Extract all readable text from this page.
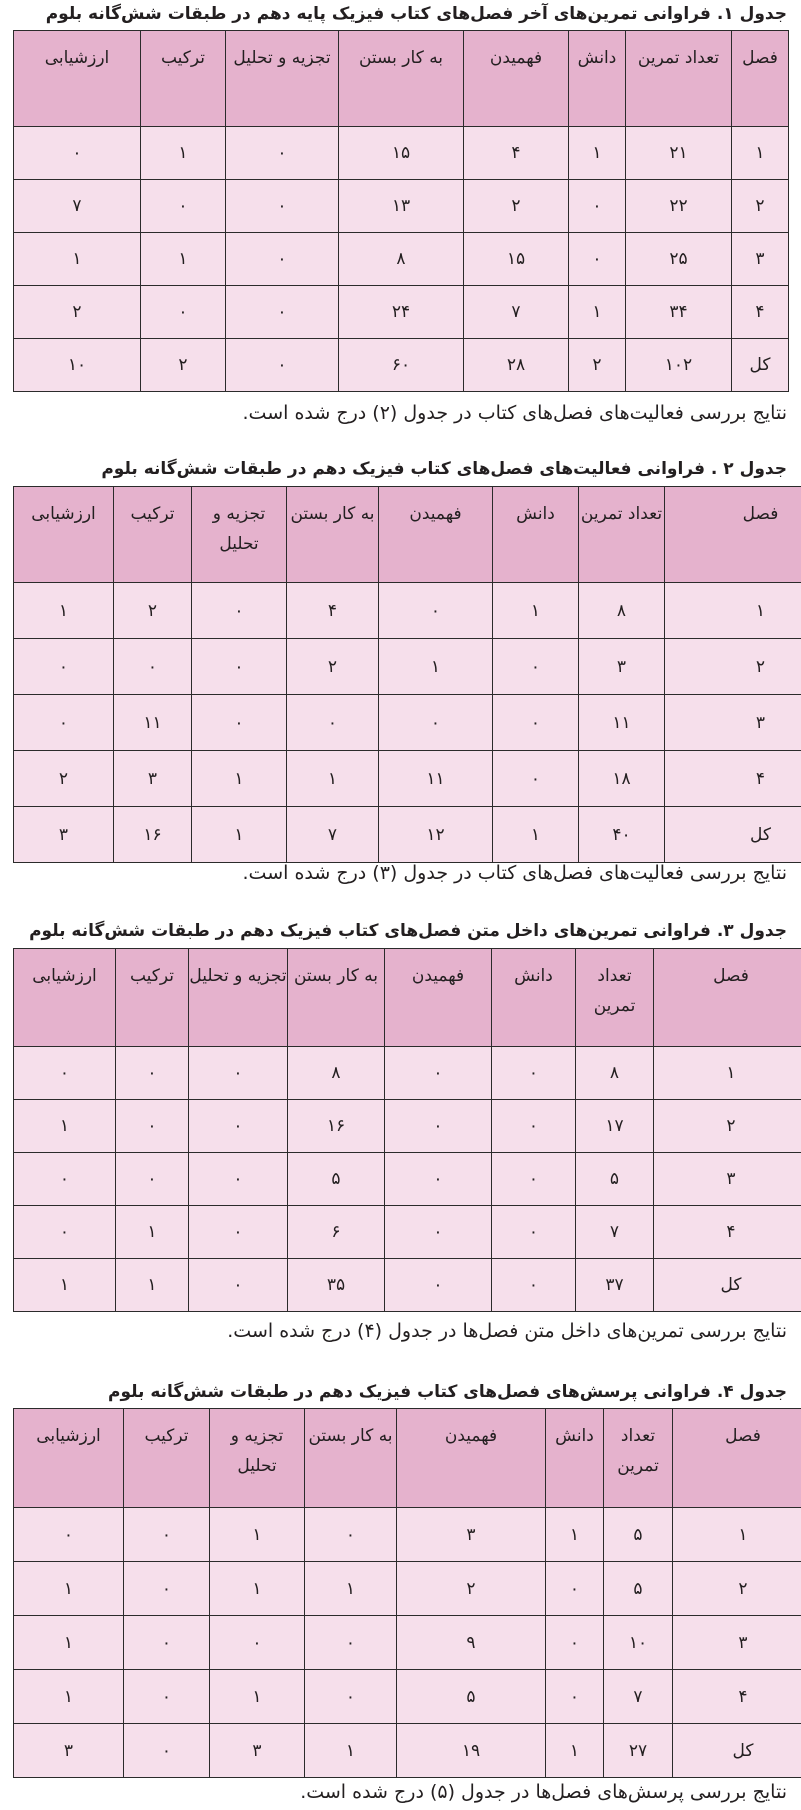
جدول ۱. فراوانی تمرین‌های آخر فصل‌های کتاب فیزیک پایه دهم در طبقات شش‌گانه بلوم
فصل	تعداد تمرین	دانش	فهمیدن	به کار بستن	تجزیه و تحلیل	ترکیب	ارزشیابی
۱	۲۱	۱	۴	۱۵	۰	۱	۰
۲	۲۲	۰	۲	۱۳	۰	۰	۷
۳	۲۵	۰	۱۵	۸	۰	۱	۱
۴	۳۴	۱	۷	۲۴	۰	۰	۲
کل	۱۰۲	۲	۲۸	۶۰	۰	۲	۱۰
نتایج بررسی فعالیت‌های فصل‌های کتاب در جدول (۲) درج شده است.
جدول ۲ . فراوانی فعالیت‌های فصل‌های کتاب فیزیک دهم در طبقات شش‌گانه بلوم
فصل	تعداد تمرین	دانش	فهمیدن	به کار بستن	تجزیه و تحلیل	ترکیب	ارزشیابی
۱	۸	۱	۰	۴	۰	۲	۱
۲	۳	۰	۱	۲	۰	۰	۰
۳	۱۱	۰	۰	۰	۰	۱۱	۰
۴	۱۸	۰	۱۱	۱	۱	۳	۲
کل	۴۰	۱	۱۲	۷	۱	۱۶	۳
نتایج بررسی فعالیت‌های فصل‌های کتاب در جدول (۳) درج شده است.
جدول ۳. فراوانی تمرین‌های داخل متن فصل‌های کتاب فیزیک دهم در طبقات شش‌گانه بلوم
فصل	تعداد تمرین	دانش	فهمیدن	به کار بستن	تجزیه و تحلیل	ترکیب	ارزشیابی
۱	۸	۰	۰	۸	۰	۰	۰
۲	۱۷	۰	۰	۱۶	۰	۰	۱
۳	۵	۰	۰	۵	۰	۰	۰
۴	۷	۰	۰	۶	۰	۱	۰
کل	۳۷	۰	۰	۳۵	۰	۱	۱
نتایج بررسی تمرین‌های داخل متن فصل‌ها در جدول (۴) درج شده است.
جدول ۴. فراوانی پرسش‌های فصل‌های کتاب فیزیک دهم در طبقات شش‌گانه بلوم
فصل	تعداد تمرین	دانش	فهمیدن	به کار بستن	تجزیه و تحلیل	ترکیب	ارزشیابی
۱	۵	۱	۳	۰	۱	۰	۰
۲	۵	۰	۲	۱	۱	۰	۱
۳	۱۰	۰	۹	۰	۰	۰	۱
۴	۷	۰	۵	۰	۱	۰	۱
کل	۲۷	۱	۱۹	۱	۳	۰	۳
نتایج بررسی پرسش‌های فصل‌ها در جدول (۵) درج شده است.
